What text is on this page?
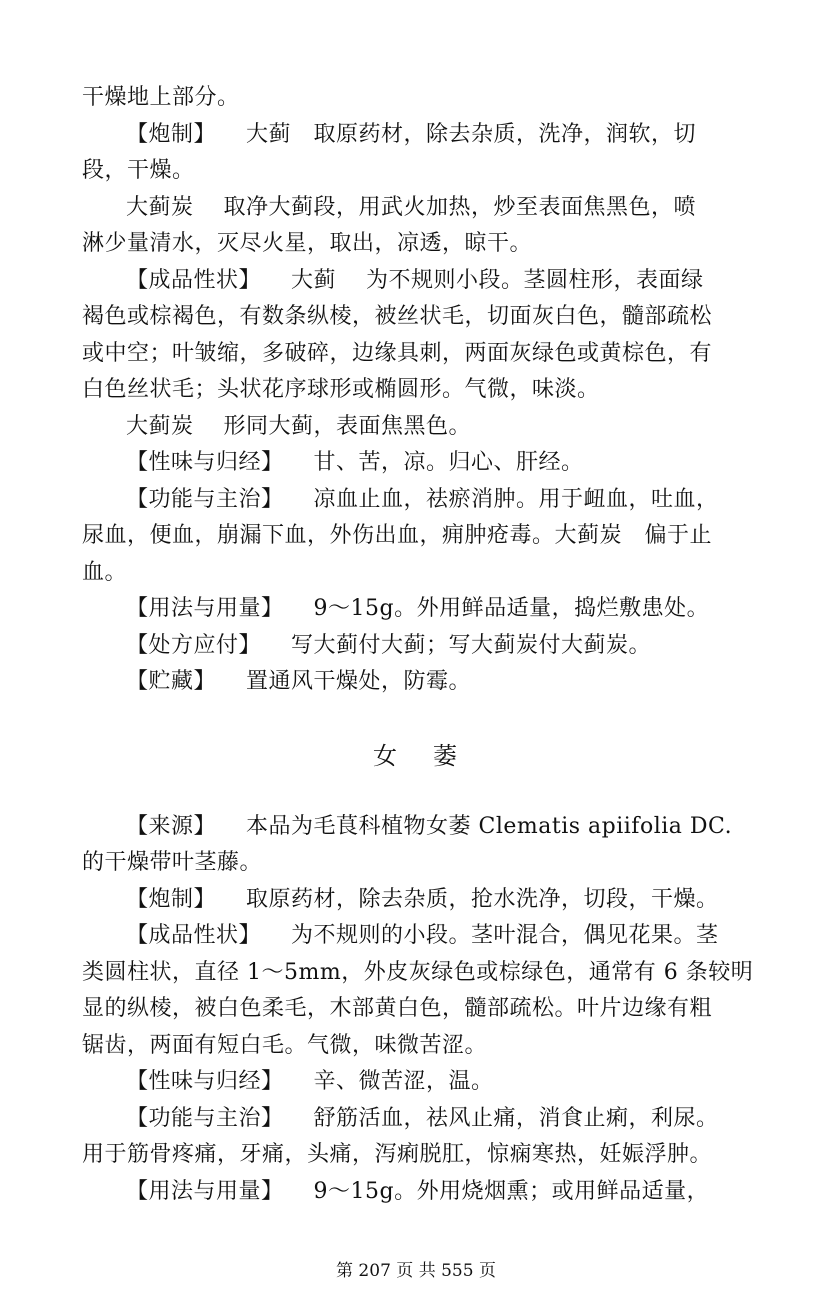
干燥地上部分。
【炮制】 大蓟　取原药材，除去杂质，洗净，润软，切
段，干燥。
大蓟炭 取净大蓟段，用武火加热，炒至表面焦黑色，喷
淋少量清水，灭尽火星，取出，凉透，晾干。
【成品性状】 大蓟 为不规则小段。茎圆柱形，表面绿
褐色或棕褐色，有数条纵棱，被丝状毛，切面灰白色，髓部疏松
或中空；叶皱缩，多破碎，边缘具刺，两面灰绿色或黄棕色，有
白色丝状毛；头状花序球形或椭圆形。气微，味淡。
大蓟炭 形同大蓟，表面焦黑色。
【性味与归经】 甘、苦，凉。归心、肝经。
【功能与主治】 凉血止血，祛瘀消肿。用于衄血，吐血，
尿血，便血，崩漏下血，外伤出血，痈肿疮毒。大蓟炭　偏于止
血。
【用法与用量】 9～15g。外用鲜品适量，捣烂敷患处。
【处方应付】 写大蓟付大蓟；写大蓟炭付大蓟炭。
【贮藏】 置通风干燥处，防霉。
女 萎
【来源】 本品为毛茛科植物女萎 Clematis apiifolia DC.
的干燥带叶茎藤。
【炮制】 取原药材，除去杂质，抢水洗净，切段，干燥。
【成品性状】 为不规则的小段。茎叶混合，偶见花果。茎
类圆柱状，直径 1～5mm，外皮灰绿色或棕绿色，通常有 6 条较明
显的纵棱，被白色柔毛，木部黄白色，髓部疏松。叶片边缘有粗
锯齿，两面有短白毛。气微，味微苦涩。
【性味与归经】 辛、微苦涩，温。
【功能与主治】 舒筋活血，祛风止痛，消食止痢，利尿。
用于筋骨疼痛，牙痛，头痛，泻痢脱肛，惊痫寒热，妊娠浮肿。
【用法与用量】 9～15g。外用烧烟熏；或用鲜品适量，
第 207 页 共 555 页
